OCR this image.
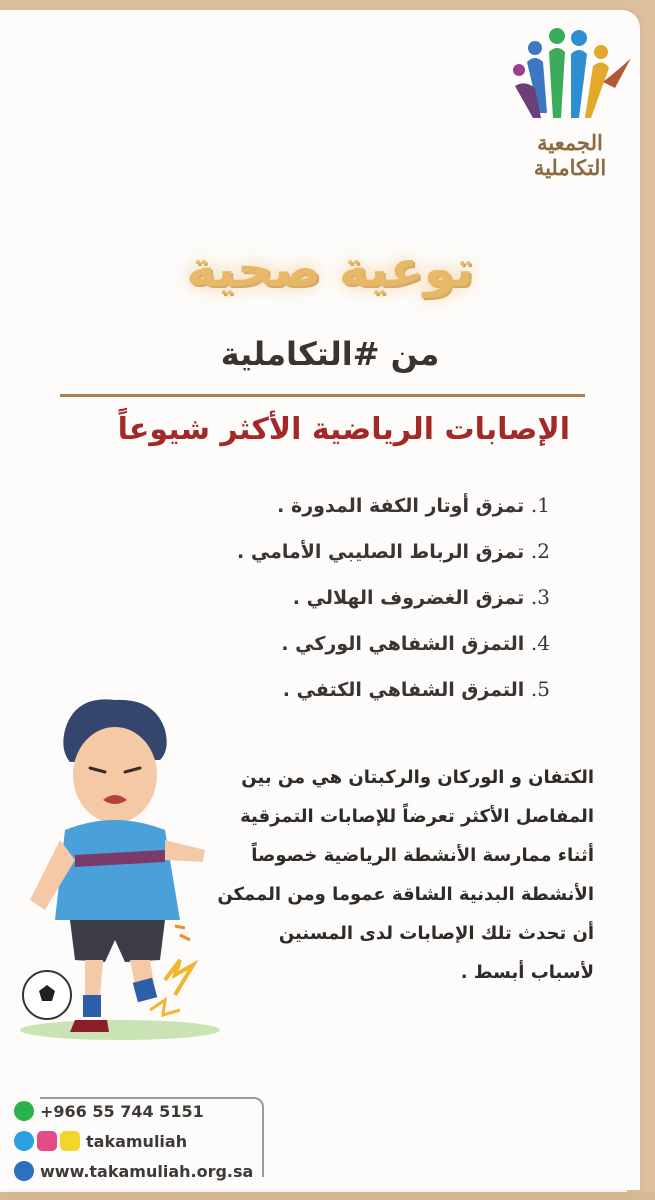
الجمعية التكاملية
توعية صحية
من #التكاملية
الإصابات الرياضية الأكثر شيوعاً
1. تمزق أوتار الكفة المدورة .
2. تمزق الرباط الصليبي الأمامي .
3. تمزق الغضروف الهلالي .
4. التمزق الشفاهي الوركي .
5. التمزق الشفاهي الكتفي .
الكتفان و الوركان والركبتان هي من بين المفاصل الأكثر تعرضاً للإصابات التمزقية أثناء ممارسة الأنشطة الرياضية خصوصاً الأنشطة البدنية الشاقة عموما ومن الممكن أن تحدث تلك الإصابات لدى المسنين لأسباب أبسط .
+966 55 744 5151
takamuliah
www.takamuliah.org.sa
